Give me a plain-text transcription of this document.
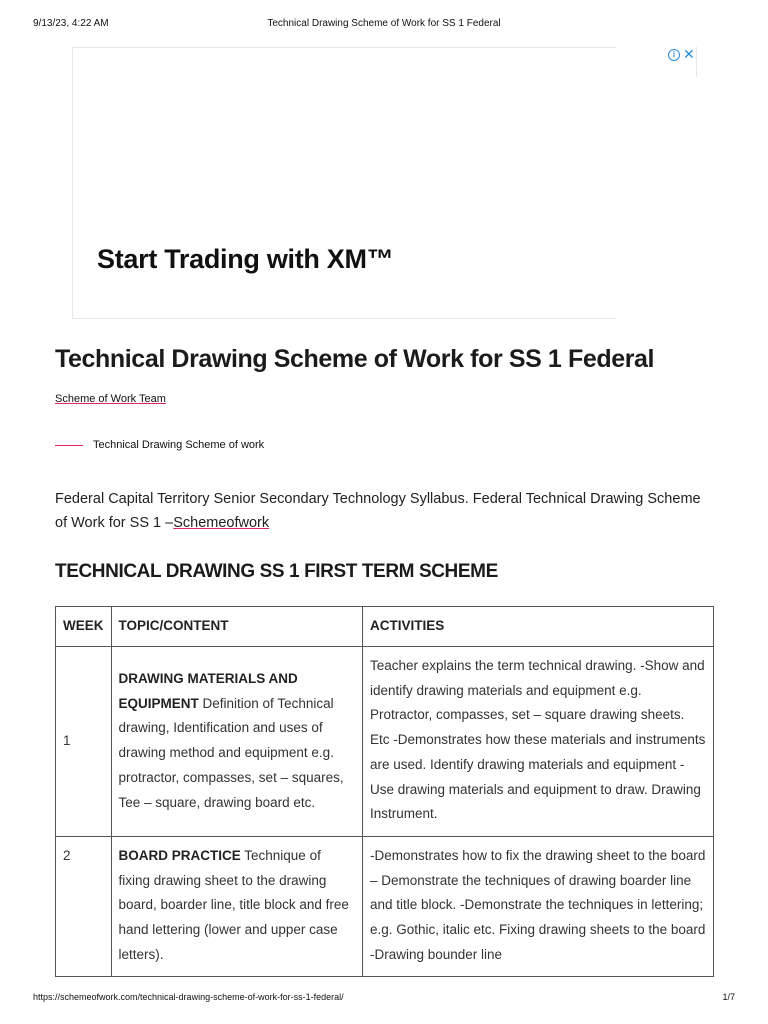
9/13/23, 4:22 AM	Technical Drawing Scheme of Work for SS 1 Federal
i ✕
Start Trading with XM™
Technical Drawing Scheme of Work for SS 1 Federal
Scheme of Work Team
Technical Drawing Scheme of work

Federal Capital Territory Senior Secondary Technology Syllabus. Federal Technical Drawing Scheme of Work for SS 1 –Schemeofwork

TECHNICAL DRAWING SS 1 FIRST TERM SCHEME
WEEK	TOPIC/CONTENT	ACTIVITIES
1	DRAWING MATERIALS AND EQUIPMENT Definition of Technical drawing, Identification and uses of drawing method and equipment e.g. protractor, compasses, set – squares, Tee – square, drawing board etc.	Teacher explains the term technical drawing. -Show and identify drawing materials and equipment e.g. Protractor, compasses, set – square drawing sheets. Etc -Demonstrates how these materials and instruments are used. Identify drawing materials and equipment -Use drawing materials and equipment to draw. Drawing Instrument.
2	BOARD PRACTICE Technique of fixing drawing sheet to the drawing board, boarder line, title block and free hand lettering (lower and upper case letters).	-Demonstrates how to fix the drawing sheet to the board – Demonstrate the techniques of drawing boarder line and title block. -Demonstrate the techniques in lettering; e.g. Gothic, italic etc. Fixing drawing sheets to the board -Drawing bounder line
https://schemeofwork.com/technical-drawing-scheme-of-work-for-ss-1-federal/	1/7
